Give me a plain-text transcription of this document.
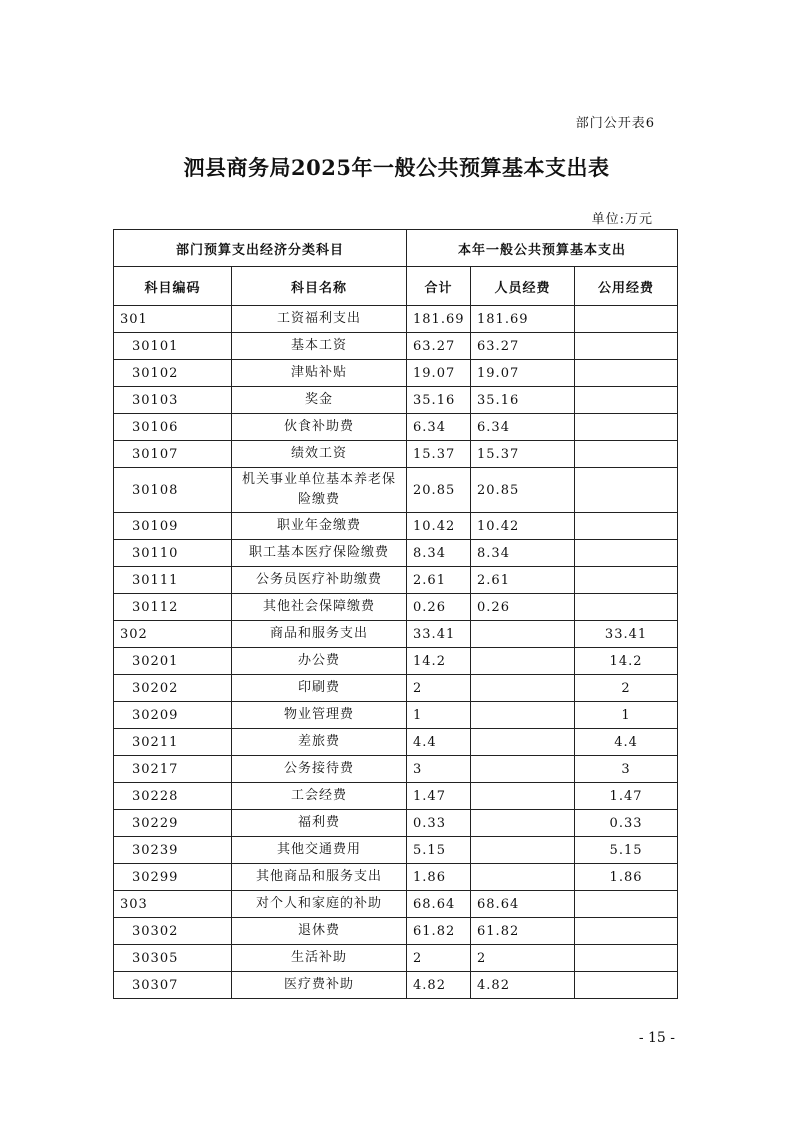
部门公开表6
泗县商务局2025年一般公共预算基本支出表
单位:万元
部门预算支出经济分类科目		本年一般公共预算基本支出		
科目编码	科目名称	合计	人员经费	公用经费
301	工资福利支出	181.69	181.69	
30101	基本工资	63.27	63.27	
30102	津贴补贴	19.07	19.07	
30103	奖金	35.16	35.16	
30106	伙食补助费	6.34	6.34	
30107	绩效工资	15.37	15.37	
30108	机关事业单位基本养老保险缴费	20.85	20.85	
30109	职业年金缴费	10.42	10.42	
30110	职工基本医疗保险缴费	8.34	8.34	
30111	公务员医疗补助缴费	2.61	2.61	
30112	其他社会保障缴费	0.26	0.26	
302	商品和服务支出	33.41		33.41
30201	办公费	14.2		14.2
30202	印刷费	2		2
30209	物业管理费	1		1
30211	差旅费	4.4		4.4
30217	公务接待费	3		3
30228	工会经费	1.47		1.47
30229	福利费	0.33		0.33
30239	其他交通费用	5.15		5.15
30299	其他商品和服务支出	1.86		1.86
303	对个人和家庭的补助	68.64	68.64	
30302	退休费	61.82	61.82	
30305	生活补助	2	2	
30307	医疗费补助	4.82	4.82	
- 15 -
